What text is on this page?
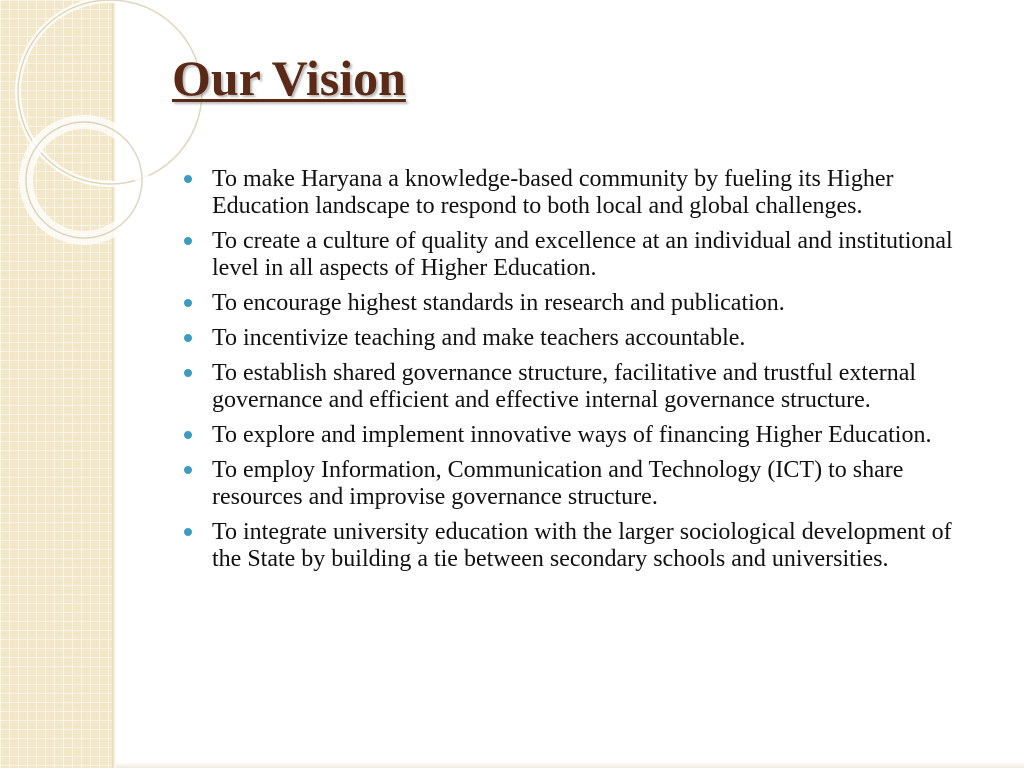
Our Vision
To make Haryana a knowledge-based community by fueling its Higher Education landscape to respond to both local and global challenges.
To create a culture of quality and excellence at an individual and institutional level in all aspects of Higher Education.
To encourage highest standards in research and publication.
To incentivize teaching and make teachers accountable.
To establish shared governance structure, facilitative and trustful external governance and efficient and effective internal governance structure.
To explore and implement innovative ways of financing Higher Education.
To employ Information, Communication and Technology (ICT) to share resources and improvise governance structure.
To integrate university education with the larger sociological development of the State by building a tie between secondary schools and universities.
